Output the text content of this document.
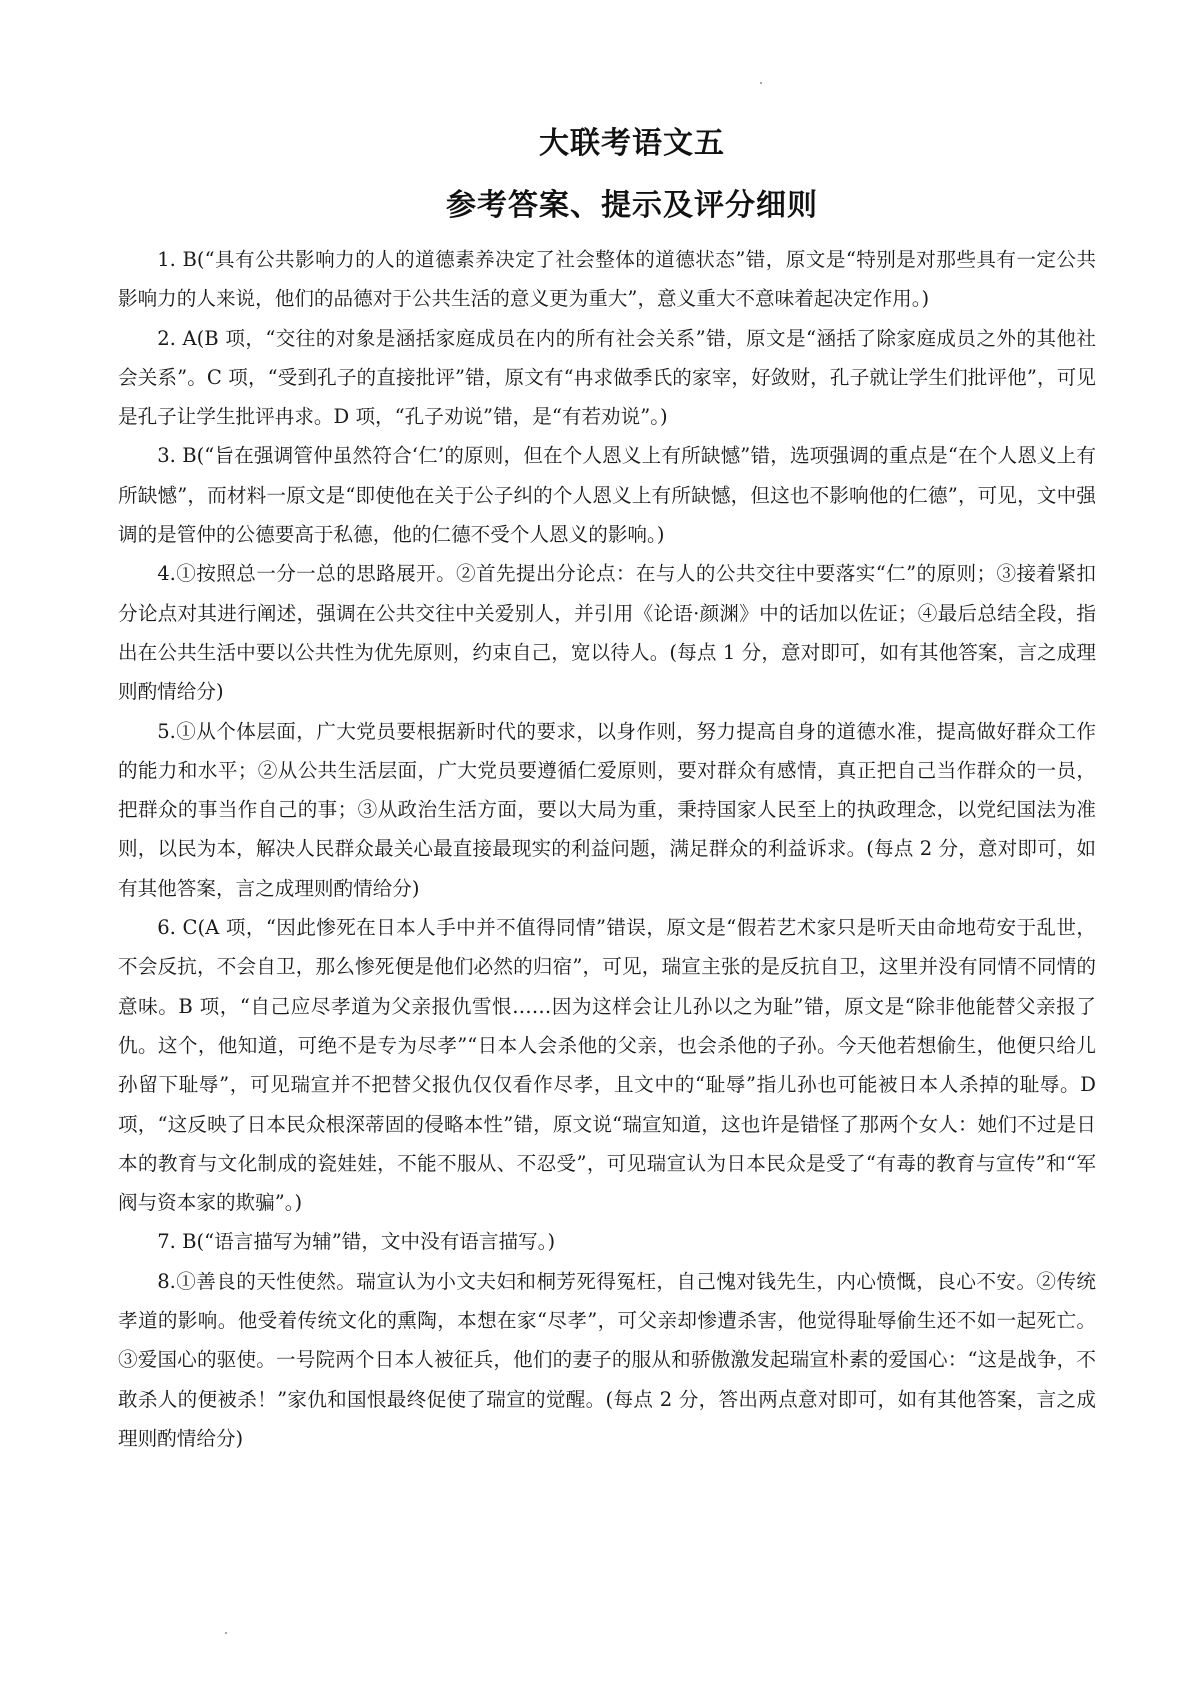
大联考语文五
参考答案、提示及评分细则

1. B(“具有公共影响力的人的道德素养决定了社会整体的道德状态”错，原文是“特别是对那些具有一定公共影响力的人来说，他们的品德对于公共生活的意义更为重大”，意义重大不意味着起决定作用。)

2. A(B 项，“交往的对象是涵括家庭成员在内的所有社会关系”错，原文是“涵括了除家庭成员之外的其他社会关系”。C 项，“受到孔子的直接批评”错，原文有“冉求做季氏的家宰，好敛财，孔子就让学生们批评他”，可见是孔子让学生批评冉求。D 项，“孔子劝说”错，是“有若劝说”。)

3. B(“旨在强调管仲虽然符合‘仁’的原则，但在个人恩义上有所缺憾”错，选项强调的重点是“在个人恩义上有所缺憾”，而材料一原文是“即使他在关于公子纠的个人恩义上有所缺憾，但这也不影响他的仁德”，可见，文中强调的是管仲的公德要高于私德，他的仁德不受个人恩义的影响。)

4.①按照总一分一总的思路展开。②首先提出分论点：在与人的公共交往中要落实“仁”的原则；③接着紧扣分论点对其进行阐述，强调在公共交往中关爱别人，并引用《论语·颜渊》中的话加以佐证；④最后总结全段，指出在公共生活中要以公共性为优先原则，约束自己，宽以待人。(每点 1 分，意对即可，如有其他答案，言之成理则酌情给分)

5.①从个体层面，广大党员要根据新时代的要求，以身作则，努力提高自身的道德水准，提高做好群众工作的能力和水平；②从公共生活层面，广大党员要遵循仁爱原则，要对群众有感情，真正把自己当作群众的一员，把群众的事当作自己的事；③从政治生活方面，要以大局为重，秉持国家人民至上的执政理念，以党纪国法为准则，以民为本，解决人民群众最关心最直接最现实的利益问题，满足群众的利益诉求。(每点 2 分，意对即可，如有其他答案，言之成理则酌情给分)

6. C(A 项，“因此惨死在日本人手中并不值得同情”错误，原文是“假若艺术家只是听天由命地苟安于乱世，不会反抗，不会自卫，那么惨死便是他们必然的归宿”，可见，瑞宣主张的是反抗自卫，这里并没有同情不同情的意味。B 项，“自己应尽孝道为父亲报仇雪恨……因为这样会让儿孙以之为耻”错，原文是“除非他能替父亲报了仇。这个，他知道，可绝不是专为尽孝”“日本人会杀他的父亲，也会杀他的子孙。今天他若想偷生，他便只给儿孙留下耻辱”，可见瑞宣并不把替父报仇仅仅看作尽孝，且文中的“耻辱”指儿孙也可能被日本人杀掉的耻辱。D 项，“这反映了日本民众根深蒂固的侵略本性”错，原文说“瑞宣知道，这也许是错怪了那两个女人：她们不过是日本的教育与文化制成的瓷娃娃，不能不服从、不忍受”，可见瑞宣认为日本民众是受了“有毒的教育与宣传”和“军阀与资本家的欺骗”。)

7. B(“语言描写为辅”错，文中没有语言描写。)

8.①善良的天性使然。瑞宣认为小文夫妇和桐芳死得冤枉，自己愧对钱先生，内心愤慨，良心不安。②传统孝道的影响。他受着传统文化的熏陶，本想在家“尽孝”，可父亲却惨遭杀害，他觉得耻辱偷生还不如一起死亡。③爱国心的驱使。一号院两个日本人被征兵，他们的妻子的服从和骄傲激发起瑞宣朴素的爱国心：“这是战争，不敢杀人的便被杀！”家仇和国恨最终促使了瑞宣的觉醒。(每点 2 分，答出两点意对即可，如有其他答案，言之成理则酌情给分)
